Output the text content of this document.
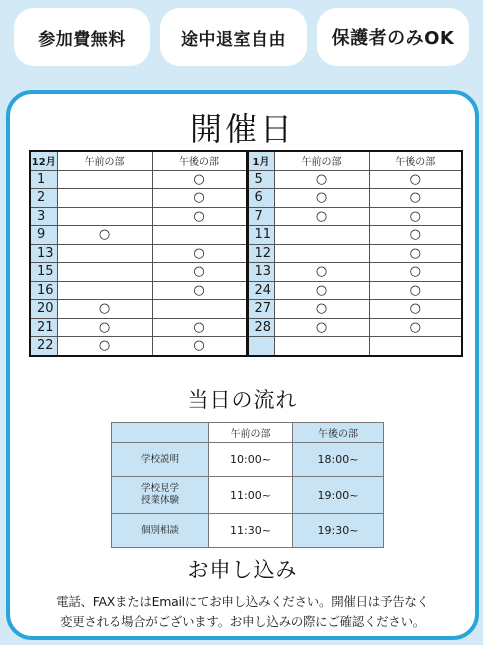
参加費無料	途中退室自由	保護者のみOK
開催日
12月	午前の部	午後の部	1月	午前の部	午後の部
1		○	5	○	○
2		○	6	○	○
3		○	7	○	○
9	○		11		○
13		○	12		○
15		○	13	○	○
16		○	24	○	○
20	○		27	○	○
21	○	○	28	○	○
22	○	○			
当日の流れ
	午前の部	午後の部
学校説明	10:00~	18:00~
学校見学
授業体験	11:00~	19:00~
個別相談	11:30~	19:30~
お申し込み
電話、FAXまたはEmailにてお申し込みください。開催日は予告なく
変更される場合がございます。お申し込みの際にご確認ください。
